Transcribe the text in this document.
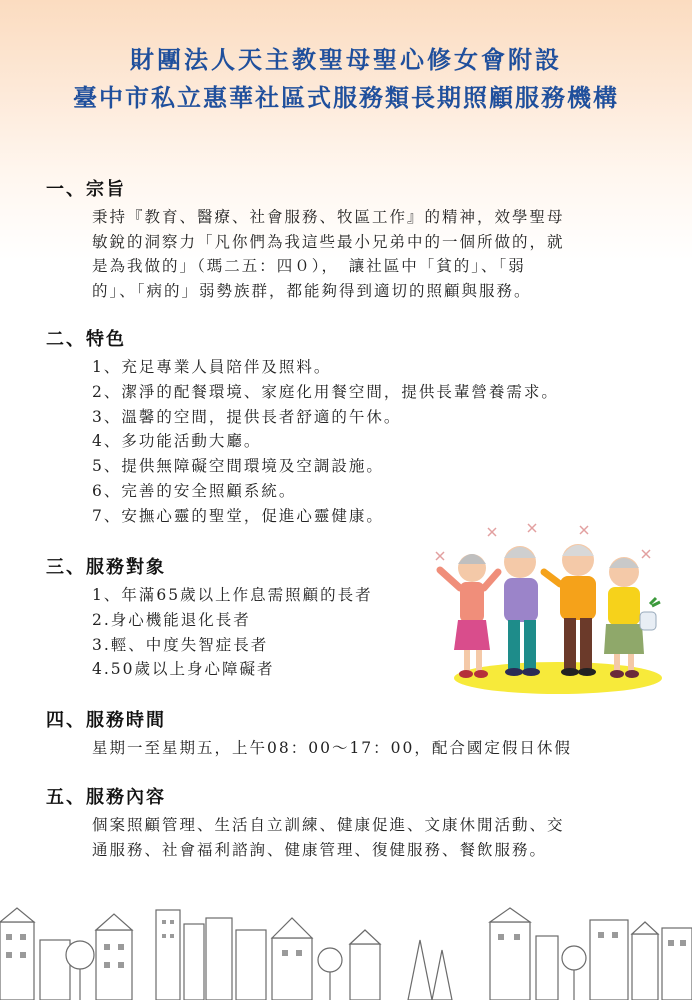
財團法人天主教聖母聖心修女會附設
臺中市私立惠華社區式服務類長期照顧服務機構
一、宗旨
秉持『教育、醫療、社會服務、牧區工作』的精神，效學聖母
敏銳的洞察力「凡你們為我這些最小兄弟中的一個所做的，就
是為我做的」（瑪二五：四０），　讓社區中「貧的」、「弱
的」、「病的」弱勢族群，都能夠得到適切的照顧與服務。
二、特色
1、充足專業人員陪伴及照料。
2、潔淨的配餐環境、家庭化用餐空間，提供長輩營養需求。
3、溫馨的空間，提供長者舒適的午休。
4、多功能活動大廳。
5、提供無障礙空間環境及空調設施。
6、完善的安全照顧系統。
7、安撫心靈的聖堂，促進心靈健康。
三、服務對象
1、年滿65歲以上作息需照顧的長者
2.身心機能退化長者
3.輕、中度失智症長者
4.50歲以上身心障礙者
四、服務時間
星期一至星期五，上午08：00～17：00，配合國定假日休假
五、服務內容
個案照顧管理、生活自立訓練、健康促進、文康休閒活動、交
通服務、社會福利諮詢、健康管理、復健服務、餐飲服務。
